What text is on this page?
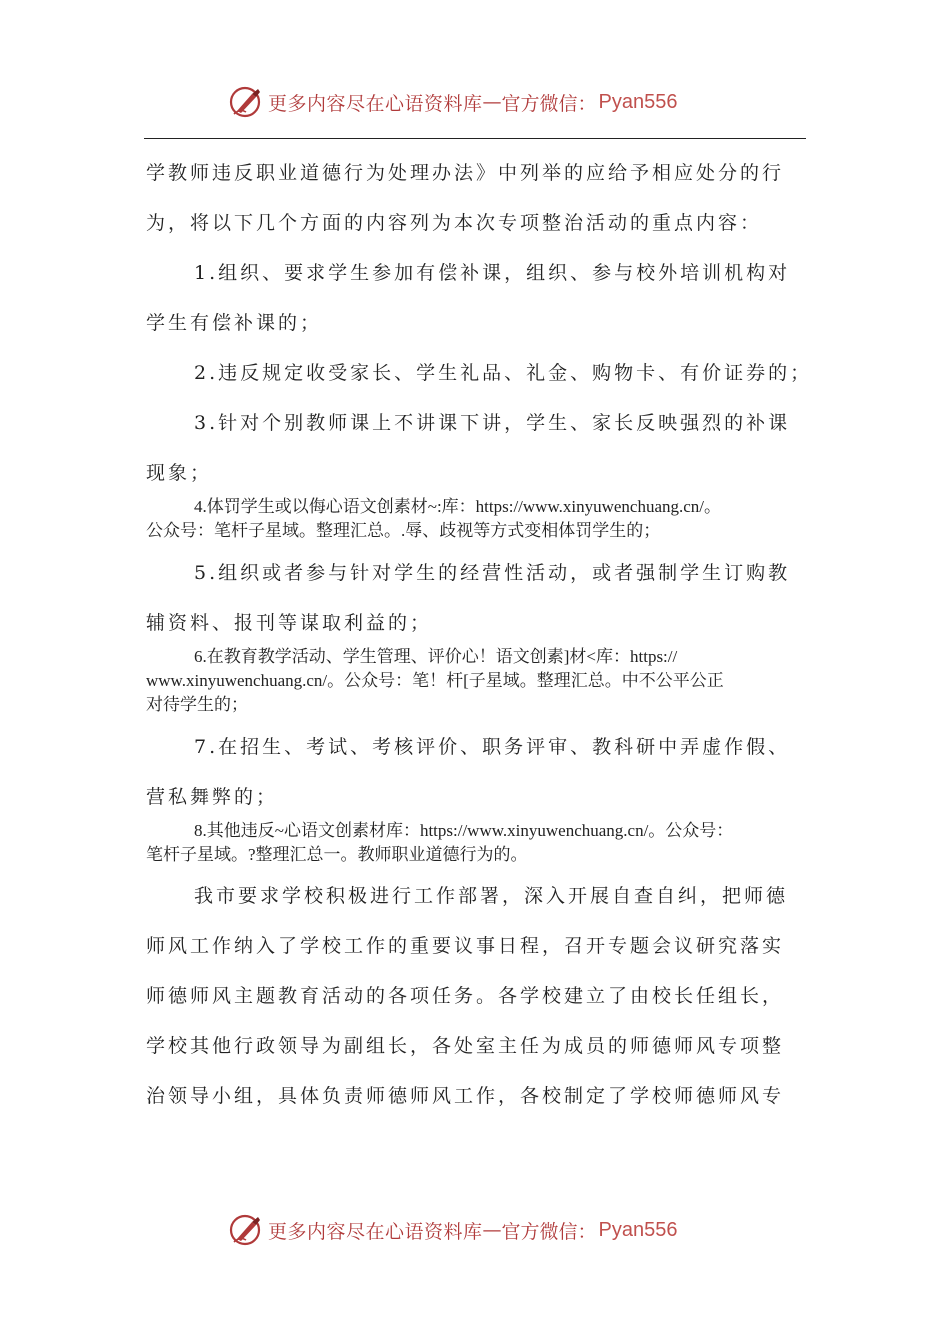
更多内容尽在心语资料库 — 官方微信： Pyan556
学教师违反职业道德行为处理办法》中列举的应给予相应处分的行
为，将以下几个方面的内容列为本次专项整治活动的重点内容：
1.组织、要求学生参加有偿补课，组织、参与校外培训机构对
学生有偿补课的；
2.违反规定收受家长、学生礼品、礼金、购物卡、有价证券的；
3.针对个别教师课上不讲课下讲，学生、家长反映强烈的补课
现象；
4.体罚学生或以侮心语文创素材~:库：https://www.xinyuwenchuang.cn/。
公众号：笔杆子星域。整理汇总。.辱、歧视等方式变相体罚学生的；
5.组织或者参与针对学生的经营性活动，或者强制学生订购教
辅资料、报刊等谋取利益的；
6.在教育教学活动、学生管理、评价心！语文创素]材<库：https://
www.xinyuwenchuang.cn/。公众号：笔！杆[子星域。整理汇总。中不公平公正
对待学生的；
7.在招生、考试、考核评价、职务评审、教科研中弄虚作假、
营私舞弊的；
8.其他违反~心语文创素材库：https://www.xinyuwenchuang.cn/。公众号：
笔杆子星域。?整理汇总一。教师职业道德行为的。
我市要求学校积极进行工作部署，深入开展自查自纠，把师德
师风工作纳入了学校工作的重要议事日程，召开专题会议研究落实
师德师风主题教育活动的各项任务。各学校建立了由校长任组长，
学校其他行政领导为副组长，各处室主任为成员的师德师风专项整
治领导小组，具体负责师德师风工作，各校制定了学校师德师风专
更多内容尽在心语资料库 — 官方微信： Pyan556
